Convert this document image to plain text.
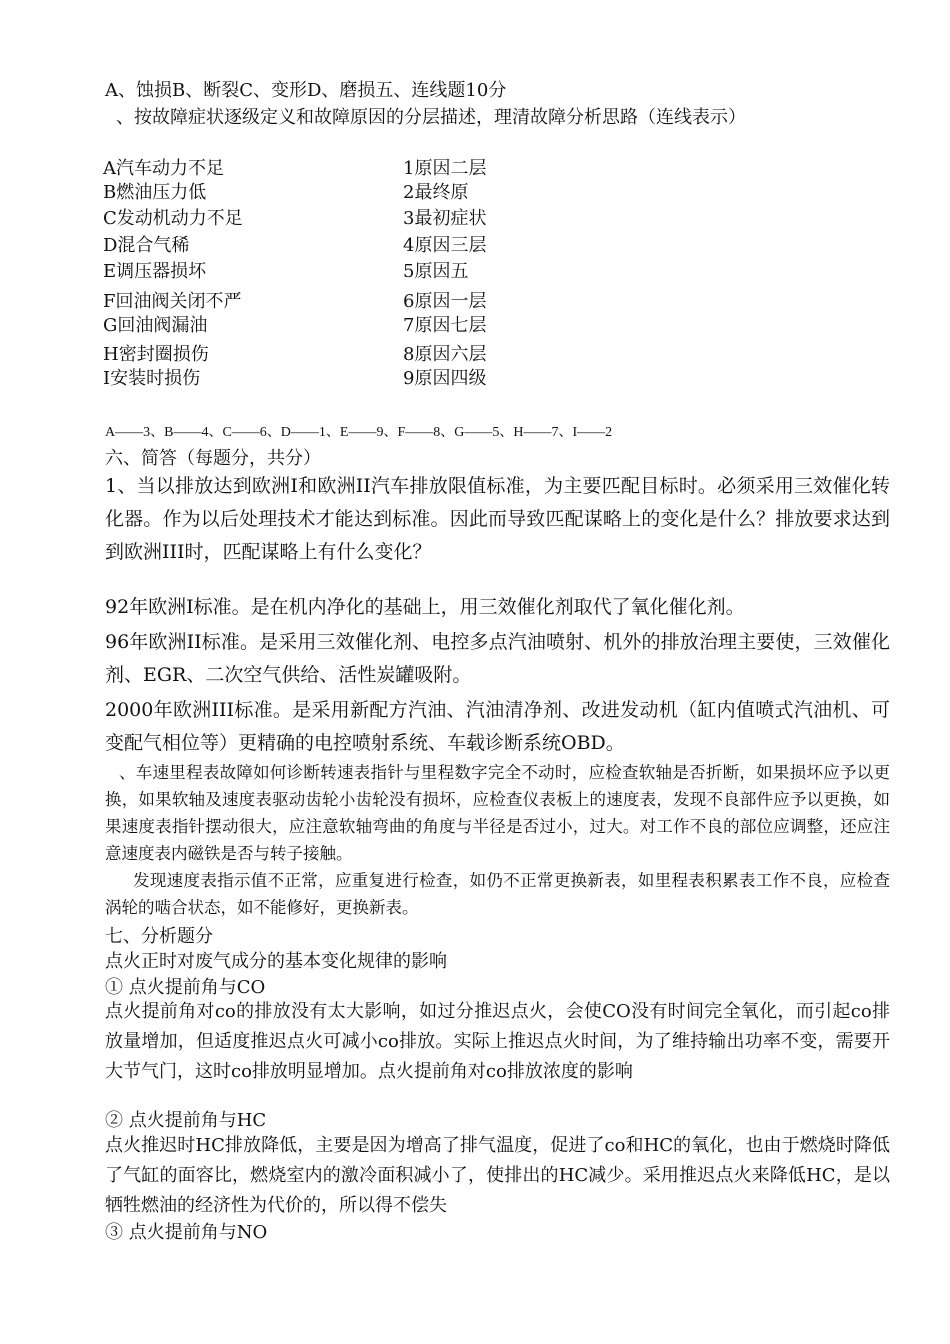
A、蚀损B、断裂C、变形D、磨损五、连线题10分
、按故障症状逐级定义和故障原因的分层描述，理清故障分析思路（连线表示）
A汽车动力不足
B燃油压力低
C发动机动力不足
D混合气稀
E调压器损坏
F回油阀关闭不严
G回油阀漏油
H密封圈损伤
I安装时损伤
1原因二层
2最终原
3最初症状
4原因三层
5原因五
6原因一层
7原因七层
8原因六层
9原因四级
A——3、B——4、C——6、D——1、E——9、F——8、G——5、H——7、I——2
六、简答（每题分，共分）
1、当以排放达到欧洲I和欧洲II汽车排放限值标准，为主要匹配目标时。必须采用三效催化转化器。作为以后处理技术才能达到标准。因此而导致匹配谋略上的变化是什么？排放要求达到到欧洲III时，匹配谋略上有什么变化？
92年欧洲I标准。是在机内净化的基础上，用三效催化剂取代了氧化催化剂。
96年欧洲II标准。是采用三效催化剂、电控多点汽油喷射、机外的排放治理主要使，三效催化剂、EGR、二次空气供给、活性炭罐吸附。
2000年欧洲III标准。是采用新配方汽油、汽油清净剂、改进发动机（缸内值喷式汽油机、可变配气相位等）更精确的电控喷射系统、车载诊断系统OBD。
、车速里程表故障如何诊断转速表指针与里程数字完全不动时，应检查软轴是否折断，如果损坏应予以更换，如果软轴及速度表驱动齿轮小齿轮没有损坏，应检查仪表板上的速度表，发现不良部件应予以更换，如果速度表指针摆动很大，应注意软轴弯曲的角度与半径是否过小，过大。对工作不良的部位应调整，还应注意速度表内磁铁是否与转子接触。
发现速度表指示值不正常，应重复进行检查，如仍不正常更换新表，如里程表积累表工作不良，应检查涡轮的啮合状态，如不能修好，更换新表。
七、分析题分
点火正时对废气成分的基本变化规律的影响
① 点火提前角与CO
点火提前角对co的排放没有太大影响，如过分推迟点火，会使CO没有时间完全氧化，而引起co排放量增加，但适度推迟点火可减小co排放。实际上推迟点火时间，为了维持输出功率不变，需要开大节气门，这时co排放明显增加。点火提前角对co排放浓度的影响
② 点火提前角与HC
点火推迟时HC排放降低，主要是因为增高了排气温度，促进了co和HC的氧化，也由于燃烧时降低了气缸的面容比，燃烧室内的激冷面积减小了，使排出的HC减少。采用推迟点火来降低HC，是以牺牲燃油的经济性为代价的，所以得不偿失
③ 点火提前角与NO
